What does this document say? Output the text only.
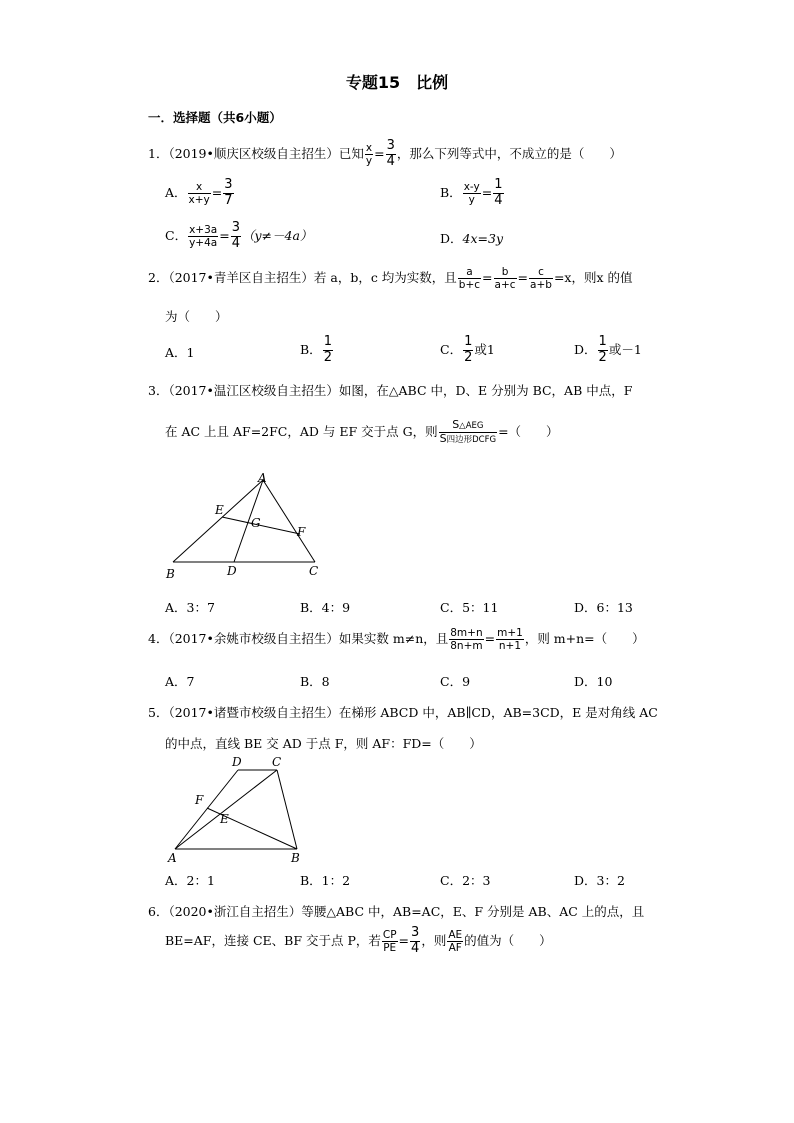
专题15　比例
一．选择题（共6小题）
1．（2019•顺庆区校级自主招生）已知 $\frac{x}{y} = \frac{3}{4}$ ，那么下列等式中，不成立的是（　　）
A． $\frac{x}{x+y} = \frac{3}{7}$	B． $\frac{x-y}{y} = \frac{1}{4}$
C． $\frac{x+3a}{y+4a} = \frac{3}{4} (y\ne-4a)$	D．4x=3y
2．（2017•青羊区自主招生）若 a，b，c 均为实数，且 $\frac{a}{b+c} = \frac{b}{a+c} = \frac{c}{a+b} =x$，则x 的值
为（　　）
A．1	B． $\frac{1}{2}$	C． $\frac{1}{2}$ 或1	D． $\frac{1}{2}$ 或－1
3．（2017•温江区校级自主招生）如图，在△ABC 中，D、E 分别为 BC，AB 中点，F
在 AC 上且 AF=2FC，AD 与 EF 交于点 G，则 $\frac{\text{S△AEG}}{\text{S四边形DCFG}}$ =（　　）
A
B	C
D
E
F
G
A．3：7	B．4：9	C．5：11	D．6：13
4．（2017•余姚市校级自主招生）如果实数 m≠n，且 $\frac{8m+n}{8n+m} = \frac{m+1}{n+1}$ ，则 m+n=（　　）
A．7	B．8	C．9	D．10
5．（2017•诸暨市校级自主招生）在梯形 ABCD 中，AB∥CD，AB=3CD，E 是对角线 AC
的中点，直线 BE 交 AD 于点 F，则 AF：FD=（　　）
D	C
A	B
F
E
A．2：1	B．1：2	C．2：3	D．3：2
6．（2020•浙江自主招生）等腰△ABC 中，AB=AC，E、F 分别是 AB、AC 上的点，且
BE=AF，连接 CE、BF 交于点 P，若 $\frac{CP}{PE} = \frac{3}{4}$ ，则 $\frac{AE}{AF}$ 的值为（　　）
